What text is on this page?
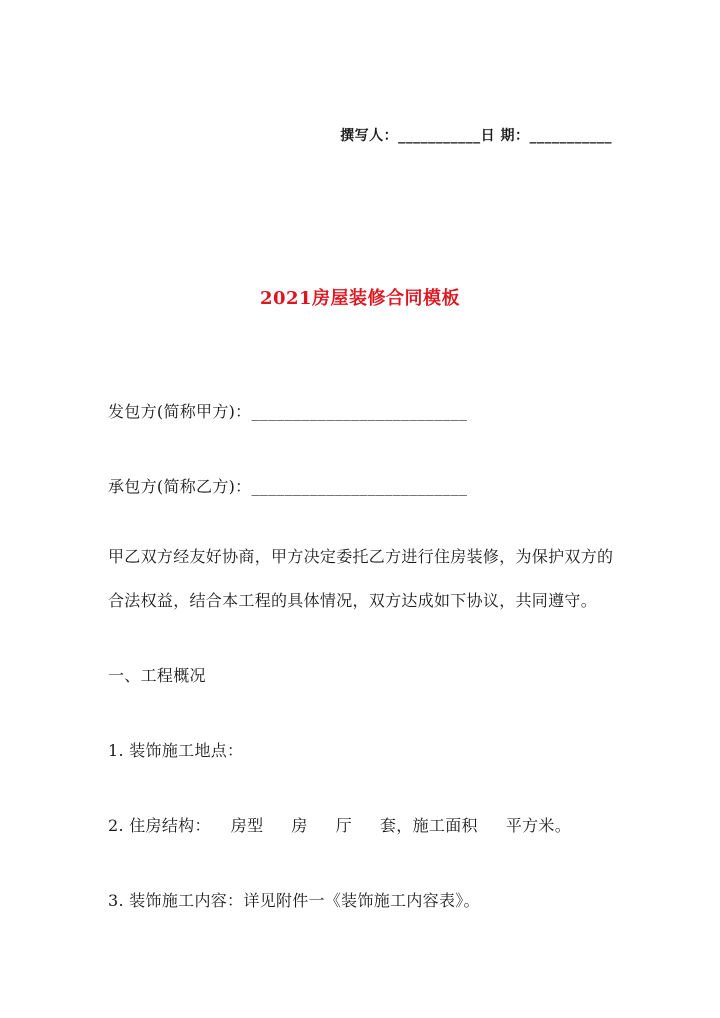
撰写人：___________日 期：___________
2021房屋装修合同模板
发包方(简称甲方)：__________________________
承包方(简称乙方)：__________________________
甲乙双方经友好协商，甲方决定委托乙方进行住房装修，为保护双方的合法权益，结合本工程的具体情况，双方达成如下协议，共同遵守。
一、工程概况
1. 装饰施工地点：
2. 住房结构： 房型 房 厅 套，施工面积 平方米。
3. 装饰施工内容：详见附件一《装饰施工内容表》。
